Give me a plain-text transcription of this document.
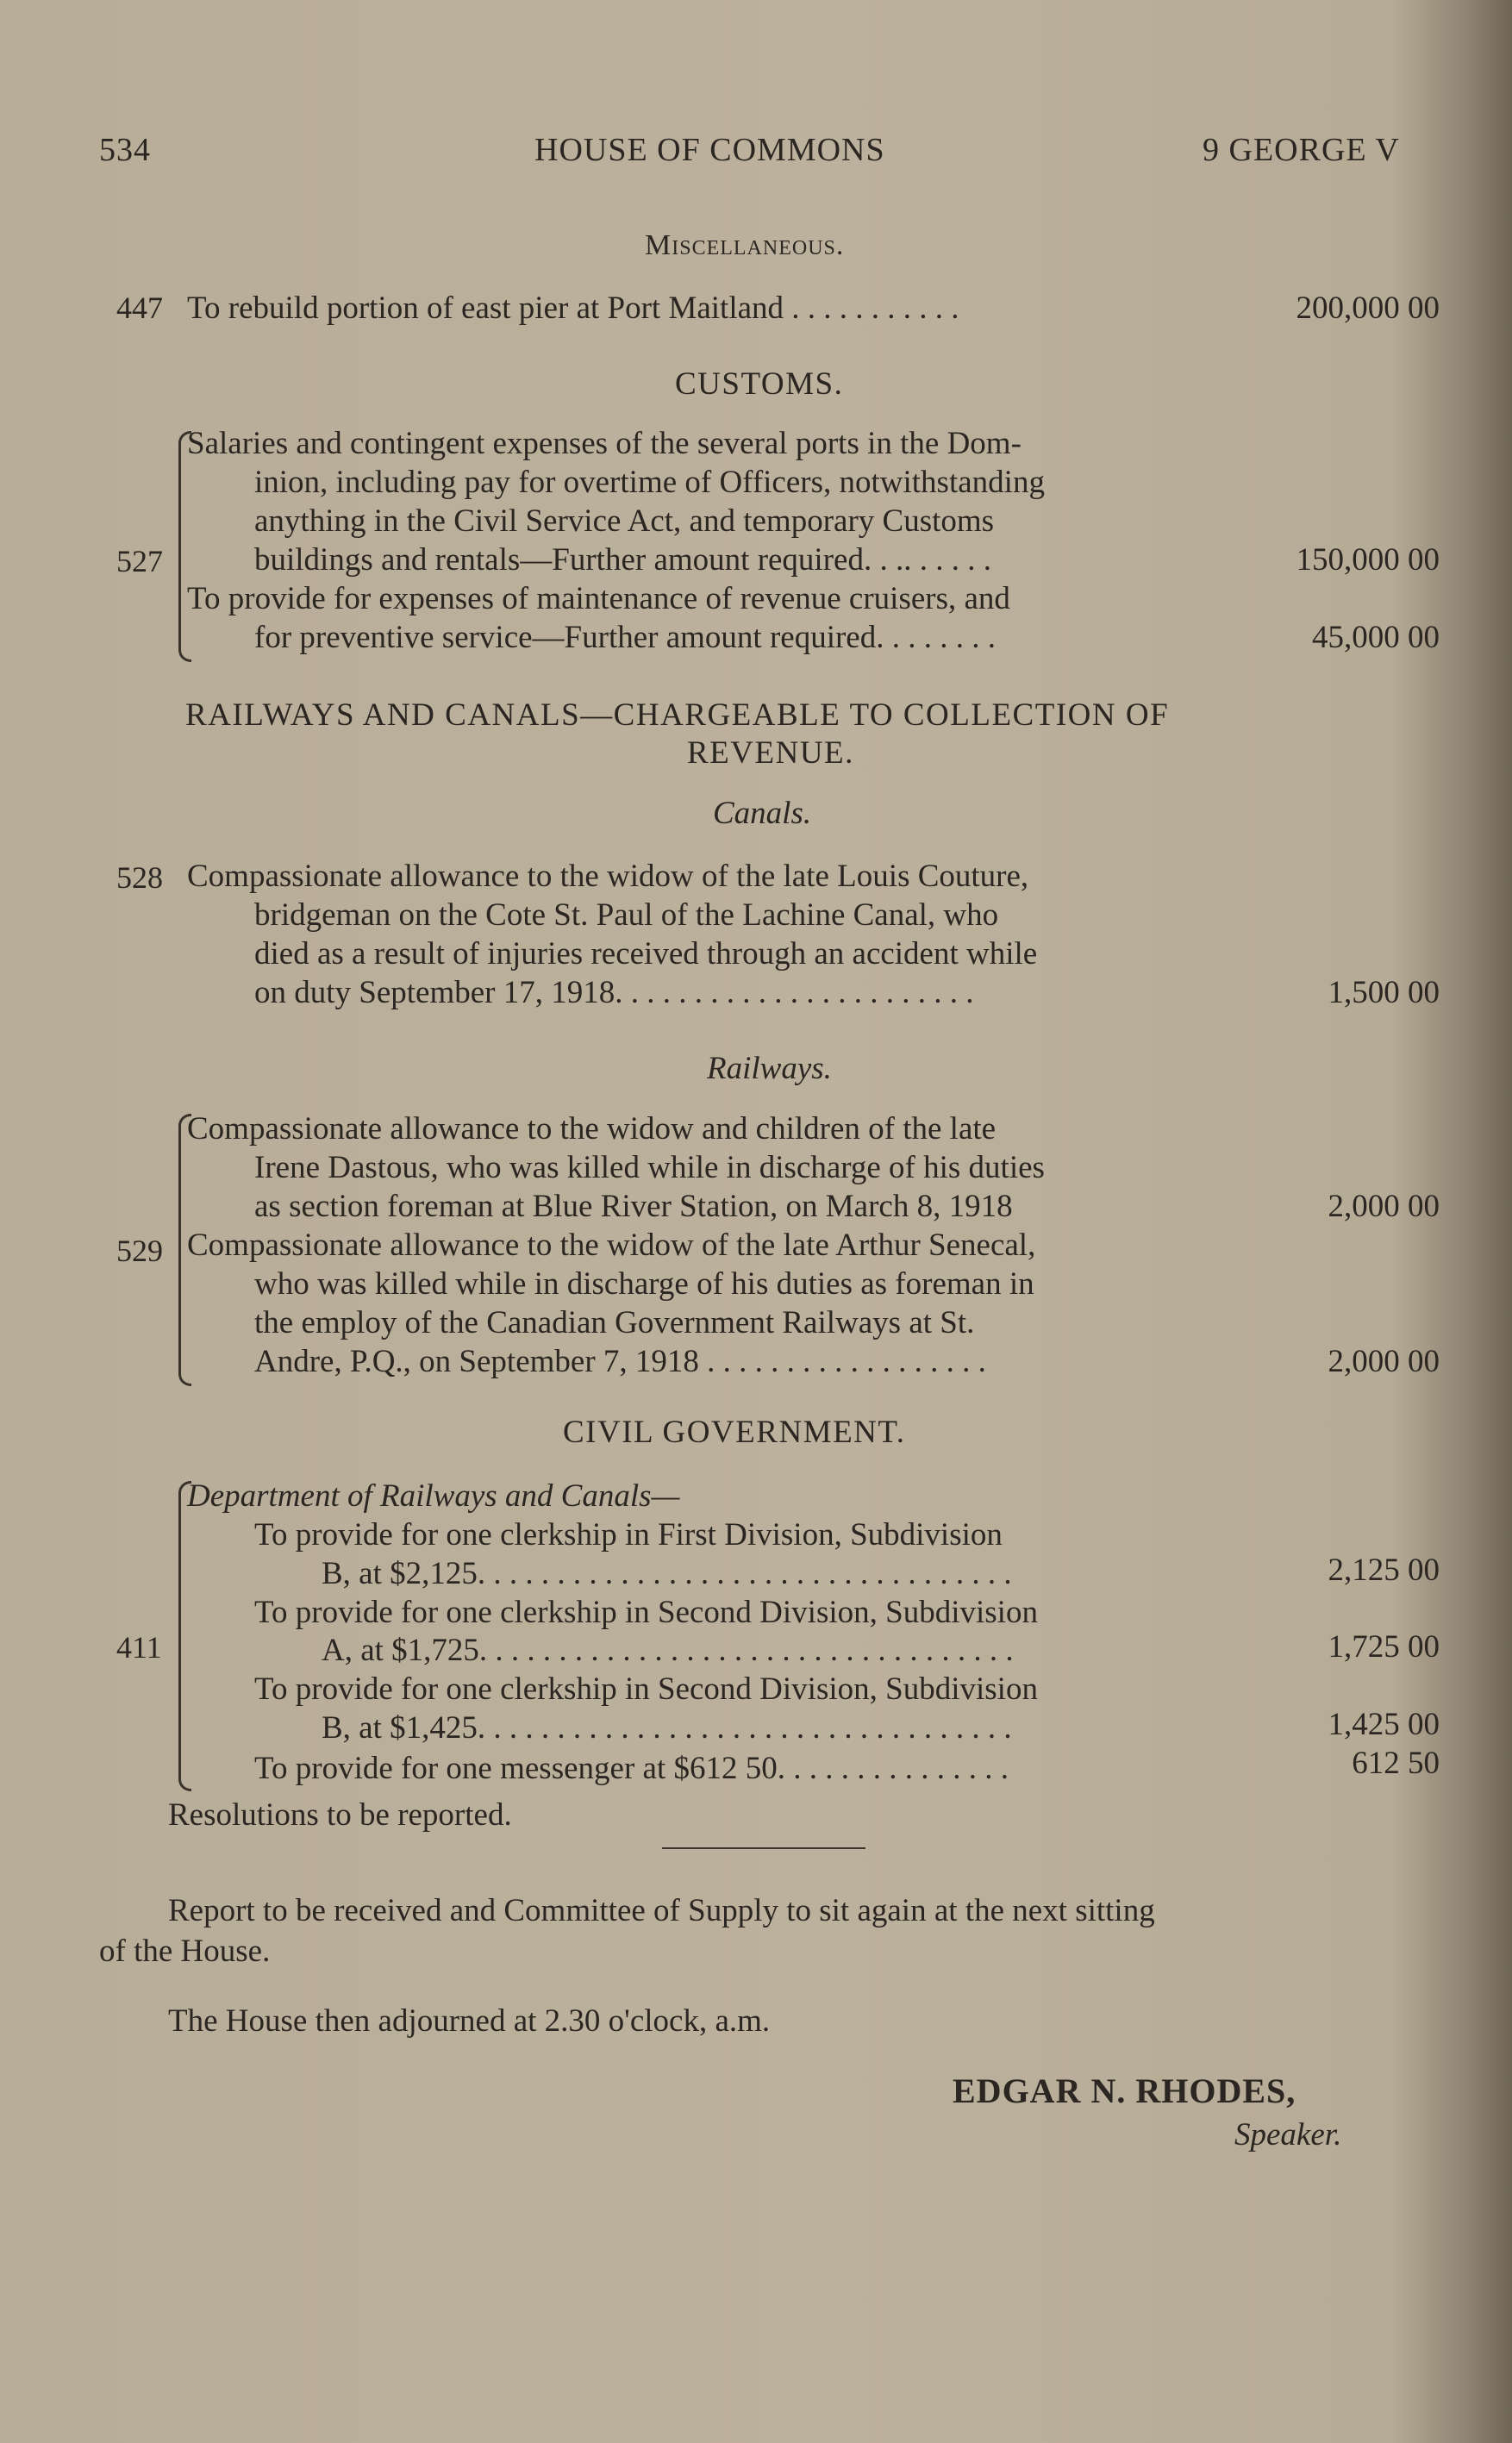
534	HOUSE OF COMMONS	9 GEORGE V
Miscellaneous.
447 To rebuild portion of east pier at Port Maitland . . . . . . . . . . .	200,000 00
CUSTOMS.
527
Salaries and contingent expenses of the several ports in the Dom-
inion, including pay for overtime of Officers, notwithstanding
anything in the Civil Service Act, and temporary Customs
buildings and rentals—Further amount required. . .. . . . . .	150,000 00
To provide for expenses of maintenance of revenue cruisers, and
for preventive service—Further amount required. . . . . . . .	45,000 00
RAILWAYS AND CANALS—CHARGEABLE TO COLLECTION OF
REVENUE.
Canals.
528 Compassionate allowance to the widow of the late Louis Couture,
bridgeman on the Cote St. Paul of the Lachine Canal, who
died as a result of injuries received through an accident while
on duty September 17, 1918. . . . . . . . . . . . . . . . . . . . . . .	1,500 00
Railways.
529
Compassionate allowance to the widow and children of the late
Irene Dastous, who was killed while in discharge of his duties
as section foreman at Blue River Station, on March 8, 1918	2,000 00
Compassionate allowance to the widow of the late Arthur Senecal,
who was killed while in discharge of his duties as foreman in
the employ of the Canadian Government Railways at St.
Andre, P.Q., on September 7, 1918 . . . . . . . . . . . . . . . . . .	2,000 00
CIVIL GOVERNMENT.
411
Department of Railways and Canals—
To provide for one clerkship in First Division, Subdivision
B, at $2,125. . . . . . . . . . . . . . . . . . . . . . . . . . . . . . . . . .	2,125 00
To provide for one clerkship in Second Division, Subdivision
A, at $1,725. . . . . . . . . . . . . . . . . . . . . . . . . . . . . . . . . .	1,725 00
To provide for one clerkship in Second Division, Subdivision
B, at $1,425. . . . . . . . . . . . . . . . . . . . . . . . . . . . . . . . . .	1,425 00
To provide for one messenger at $612 50. . . . . . . . . . . . . . .	612 50
Resolutions to be reported.
Report to be received and Committee of Supply to sit again at the next sitting
of the House.
The House then adjourned at 2.30 o'clock, a.m.
EDGAR N. RHODES,
Speaker.
